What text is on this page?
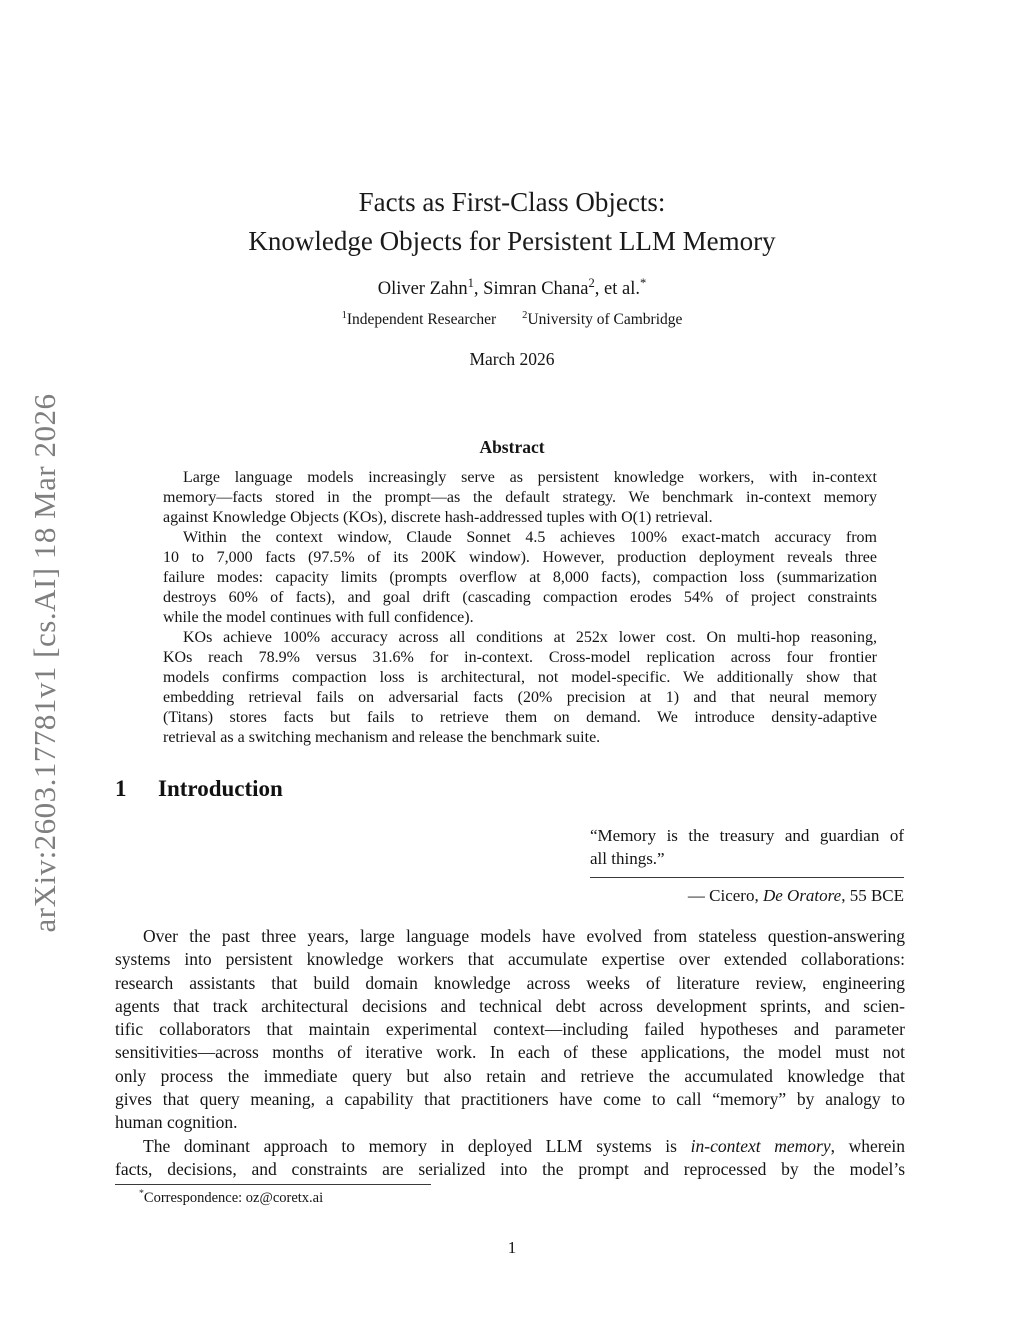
arXiv:2603.17781v1 [cs.AI] 18 Mar 2026
Facts as First-Class Objects:
Knowledge Objects for Persistent LLM Memory
Oliver Zahn$^1$, Simran Chana$^2$, et al.*
$^1$Independent Researcher $^2$University of Cambridge
March 2026
Abstract
Large language models increasingly serve as persistent knowledge workers, with in-context
memory—facts stored in the prompt—as the default strategy. We benchmark in-context memory
against Knowledge Objects (KOs), discrete hash-addressed tuples with O(1) retrieval.
Within the context window, Claude Sonnet 4.5 achieves 100% exact-match accuracy from
10 to 7,000 facts (97.5% of its 200K window). However, production deployment reveals three
failure modes: capacity limits (prompts overflow at 8,000 facts), compaction loss (summarization
destroys 60% of facts), and goal drift (cascading compaction erodes 54% of project constraints
while the model continues with full confidence).
KOs achieve 100% accuracy across all conditions at 252x lower cost. On multi-hop reasoning,
KOs reach 78.9% versus 31.6% for in-context. Cross-model replication across four frontier
models confirms compaction loss is architectural, not model-specific. We additionally show that
embedding retrieval fails on adversarial facts (20% precision at 1) and that neural memory
(Titans) stores facts but fails to retrieve them on demand. We introduce density-adaptive
retrieval as a switching mechanism and release the benchmark suite.
1 Introduction
“Memory is the treasury and guardian of
all things.”
— Cicero, De Oratore, 55 BCE
Over the past three years, large language models have evolved from stateless question-answering
systems into persistent knowledge workers that accumulate expertise over extended collaborations:
research assistants that build domain knowledge across weeks of literature review, engineering
agents that track architectural decisions and technical debt across development sprints, and scien-
tific collaborators that maintain experimental context—including failed hypotheses and parameter
sensitivities—across months of iterative work. In each of these applications, the model must not
only process the immediate query but also retain and retrieve the accumulated knowledge that
gives that query meaning, a capability that practitioners have come to call “memory” by analogy to
human cognition.
The dominant approach to memory in deployed LLM systems is in-context memory, wherein
facts, decisions, and constraints are serialized into the prompt and reprocessed by the model’s
*Correspondence: oz@coretx.ai
1
